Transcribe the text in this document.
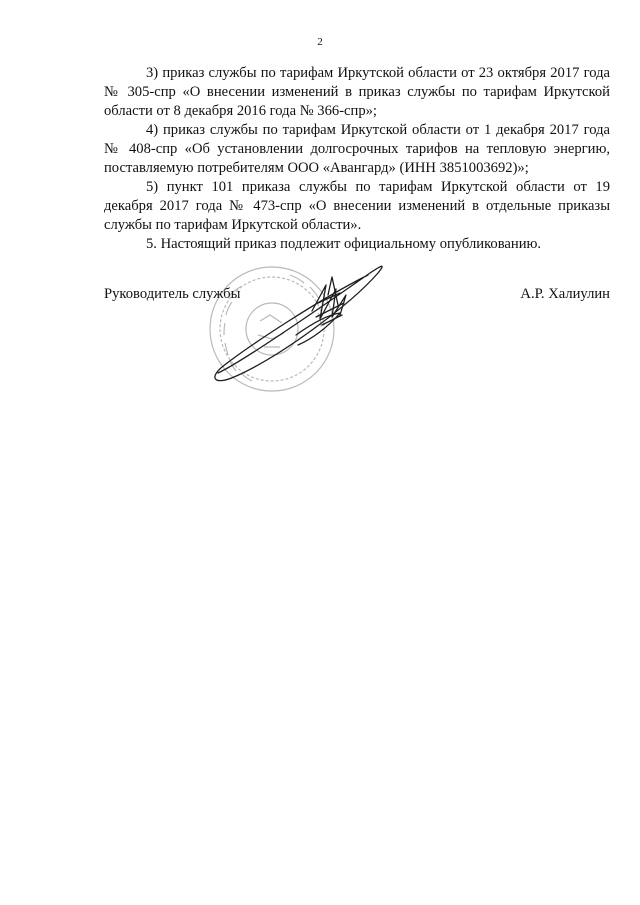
2

3) приказ службы по тарифам Иркутской области от 23 октября 2017 года № 305-спр «О внесении изменений в приказ службы по тарифам Иркутской области от 8 декабря 2016 года № 366-спр»;

4) приказ службы по тарифам Иркутской области от 1 декабря 2017 года № 408-спр «Об установлении долгосрочных тарифов на тепловую энергию, поставляемую потребителям ООО «Авангард» (ИНН 3851003692)»;

5) пункт 101 приказа службы по тарифам Иркутской области от 19 декабря 2017 года № 473-спр «О внесении изменений в отдельные приказы службы по тарифам Иркутской области».

5. Настоящий приказ подлежит официальному опубликованию.

Руководитель службы	А.Р. Халиулин
